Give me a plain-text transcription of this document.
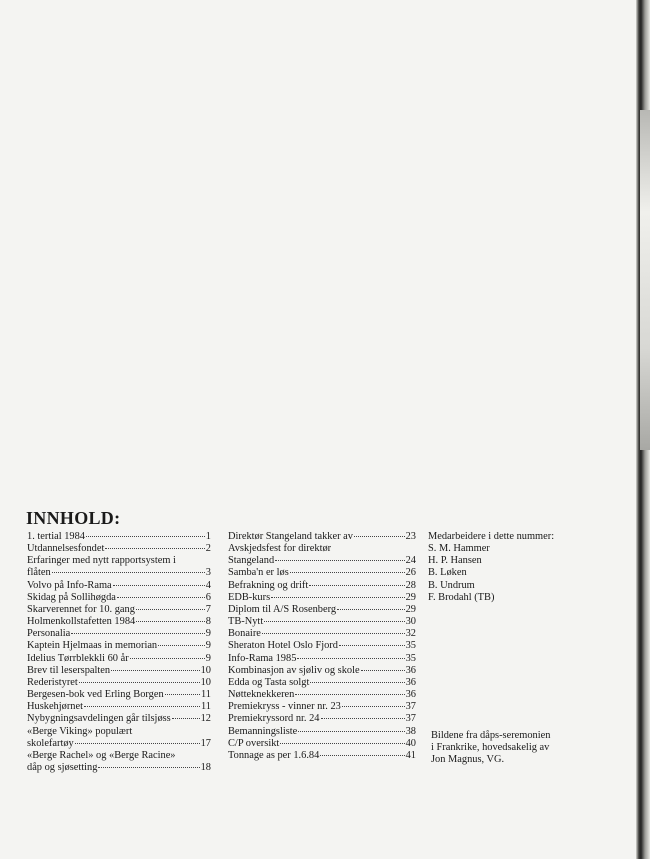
INNHOLD:
1. tertial 1984	1
Utdannelsesfondet	2
Erfaringer med nytt rapportsystem i
flåten	3
Volvo på Info-Rama	4
Skidag på Sollihøgda	6
Skarverennet for 10. gang	7
Holmenkollstafetten 1984	8
Personalia	9
Kaptein Hjelmaas in memorian	9
Idelius Tørrblekkli 60 år	9
Brev til leserspalten	10
Rederistyret	10
Bergesen-bok ved Erling Borgen	11
Huskehjørnet	11
Nybygningsavdelingen går tilsjøss	12
«Berge Viking» populært
skolefartøy	17
«Berge Rachel» og «Berge Racine»
dåp og sjøsetting	18
Direktør Stangeland takker av	23
Avskjedsfest for direktør
Stangeland	24
Samba'n er løs	26
Befrakning og drift	28
EDB-kurs	29
Diplom til A/S Rosenberg	29
TB-Nytt	30
Bonaire	32
Sheraton Hotel Oslo Fjord	35
Info-Rama 1985	35
Kombinasjon av sjøliv og skole	36
Edda og Tasta solgt	36
Nøtteknekkeren	36
Premiekryss - vinner nr. 23	37
Premiekryssord nr. 24	37
Bemanningsliste	38
C/P oversikt	40
Tonnage as per 1.6.84	41
Medarbeidere i dette nummer:
S. M. Hammer
H. P. Hansen
B. Løken
B. Undrum
F. Brodahl (TB)
Bildene fra dåps-seremonien
i Frankrike, hovedsakelig av
Jon Magnus, VG.
